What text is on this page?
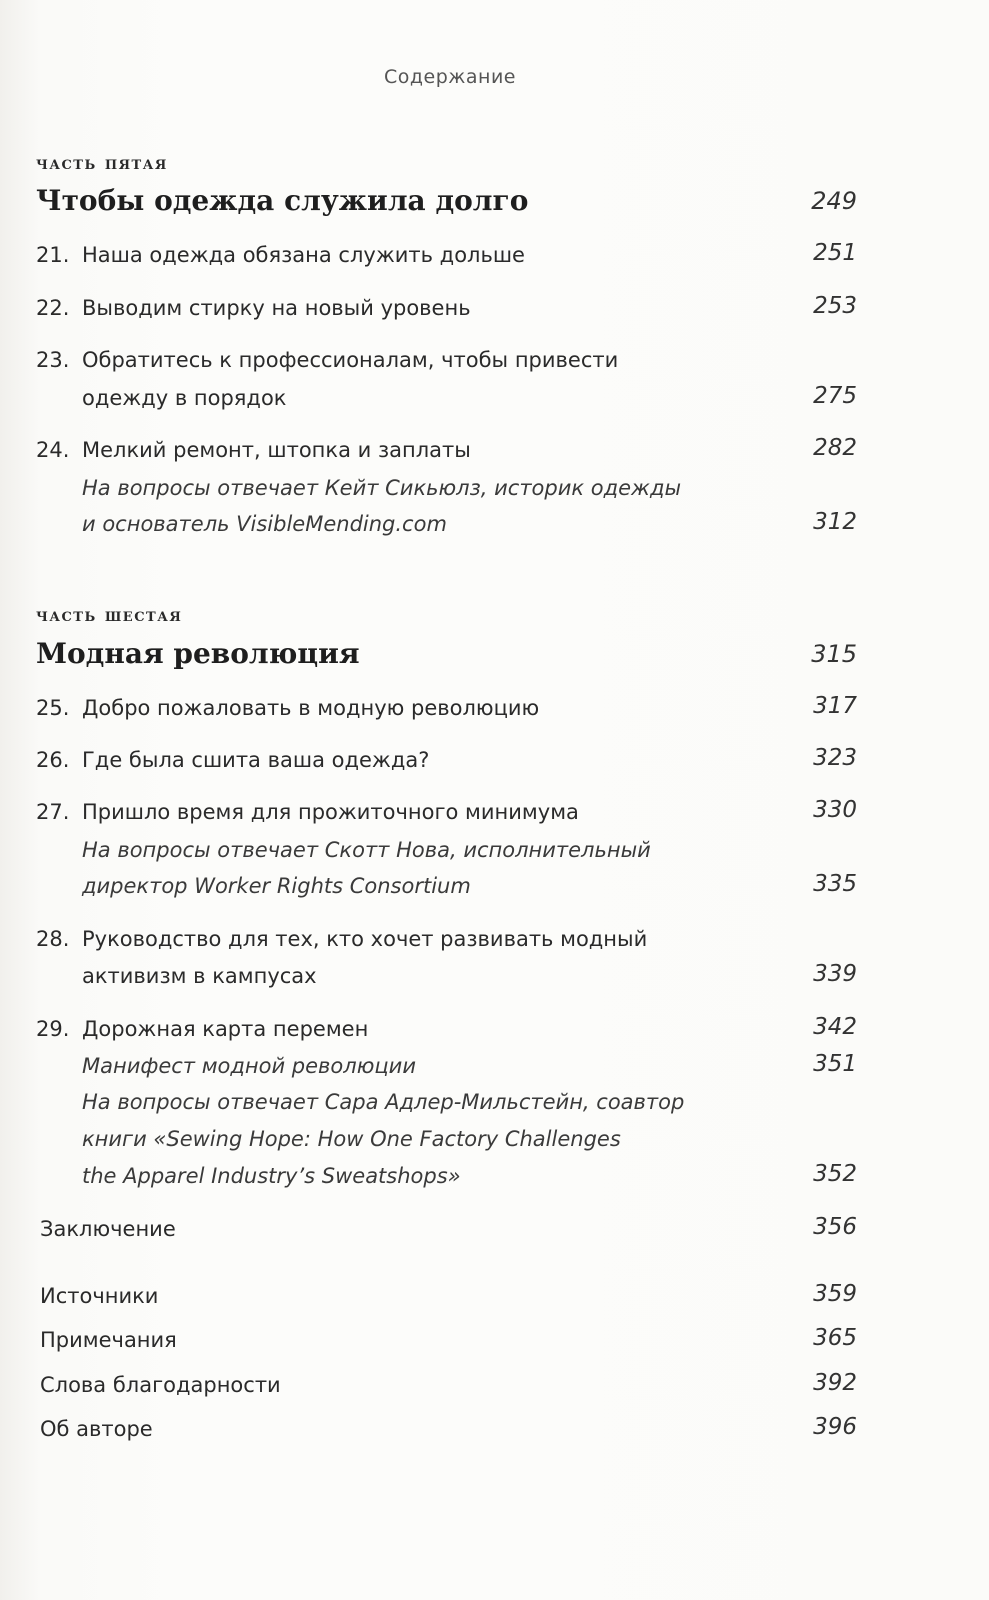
Содержание
часть пятая
Чтобы одежда служила долго	249
21. Наша одежда обязана служить дольше	251
22. Выводим стирку на новый уровень	253
23. Обратитесь к профессионалам, чтобы привести
одежду в порядок	275
24. Мелкий ремонт, штопка и заплаты	282
На вопросы отвечает Кейт Сикьюлз, историк одежды
и основатель VisibleMending.com	312
часть шестая
Модная революция	315
25. Добро пожаловать в модную революцию	317
26. Где была сшита ваша одежда?	323
27. Пришло время для прожиточного минимума	330
На вопросы отвечает Скотт Нова, исполнительный
директор Worker Rights Consortium	335
28. Руководство для тех, кто хочет развивать модный
активизм в кампусах	339
29. Дорожная карта перемен	342
Манифест модной революции	351
На вопросы отвечает Сара Адлер-Мильстейн, соавтор
книги «Sewing Hope: How One Factory Challenges
the Apparel Industry’s Sweatshops»	352
Заключение	356
Источники	359
Примечания	365
Слова благодарности	392
Об авторе	396
